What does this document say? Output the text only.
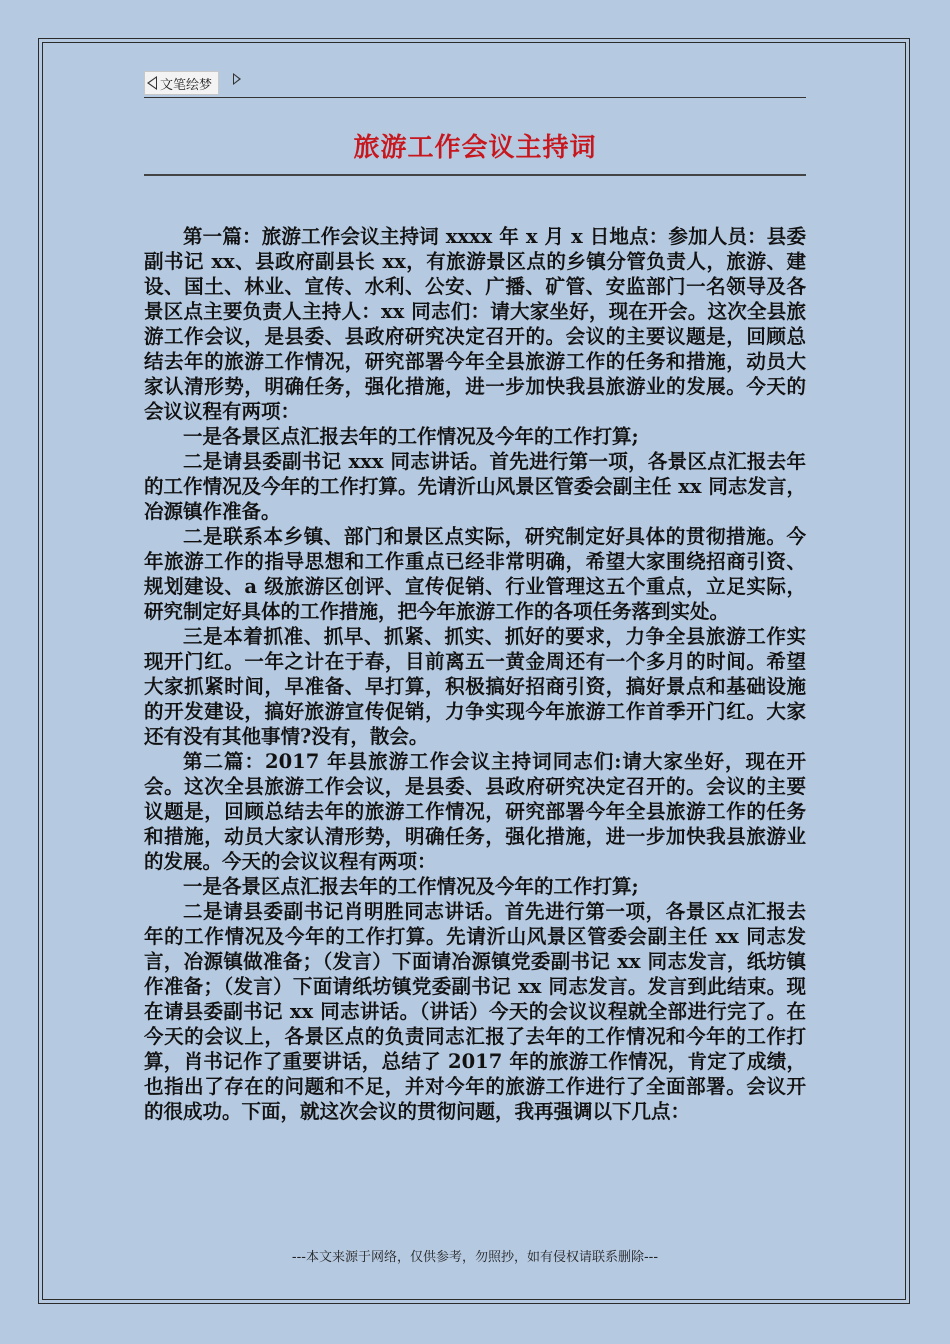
文笔绘梦
旅游工作会议主持词

第一篇：旅游工作会议主持词 xxxx 年 x 月 x 日地点：参加人员：县委副书记 xx、县政府副县长 xx，有旅游景区点的乡镇分管负责人，旅游、建设、国土、林业、宣传、水利、公安、广播、矿管、安监部门一名领导及各景区点主要负责人主持人：xx 同志们：请大家坐好，现在开会。这次全县旅游工作会议，是县委、县政府研究决定召开的。会议的主要议题是，回顾总结去年的旅游工作情况，研究部署今年全县旅游工作的任务和措施，动员大家认清形势，明确任务，强化措施，进一步加快我县旅游业的发展。今天的会议议程有两项：

一是各景区点汇报去年的工作情况及今年的工作打算;

二是请县委副书记 xxx 同志讲话。首先进行第一项，各景区点汇报去年的工作情况及今年的工作打算。先请沂山风景区管委会副主任 xx 同志发言，冶源镇作准备。

二是联系本乡镇、部门和景区点实际，研究制定好具体的贯彻措施。今年旅游工作的指导思想和工作重点已经非常明确，希望大家围绕招商引资、规划建设、a 级旅游区创评、宣传促销、行业管理这五个重点，立足实际，研究制定好具体的工作措施，把今年旅游工作的各项任务落到实处。

三是本着抓准、抓早、抓紧、抓实、抓好的要求，力争全县旅游工作实现开门红。一年之计在于春，目前离五一黄金周还有一个多月的时间。希望大家抓紧时间，早准备、早打算，积极搞好招商引资，搞好景点和基础设施的开发建设，搞好旅游宣传促销，力争实现今年旅游工作首季开门红。大家还有没有其他事情?没有，散会。

第二篇：2017 年县旅游工作会议主持词同志们:请大家坐好，现在开会。这次全县旅游工作会议，是县委、县政府研究决定召开的。会议的主要议题是，回顾总结去年的旅游工作情况，研究部署今年全县旅游工作的任务和措施，动员大家认清形势，明确任务，强化措施，进一步加快我县旅游业的发展。今天的会议议程有两项：

一是各景区点汇报去年的工作情况及今年的工作打算;

二是请县委副书记肖明胜同志讲话。首先进行第一项，各景区点汇报去年的工作情况及今年的工作打算。先请沂山风景区管委会副主任 xx 同志发言，冶源镇做准备；（发言）下面请冶源镇党委副书记 xx 同志发言，纸坊镇作准备；（发言）下面请纸坊镇党委副书记 xx 同志发言。发言到此结束。现在请县委副书记 xx 同志讲话。（讲话）今天的会议议程就全部进行完了。在今天的会议上，各景区点的负责同志汇报了去年的工作情况和今年的工作打算，肖书记作了重要讲话，总结了 2017 年的旅游工作情况，肯定了成绩，也指出了存在的问题和不足，并对今年的旅游工作进行了全面部署。会议开的很成功。下面，就这次会议的贯彻问题，我再强调以下几点：

---本文来源于网络，仅供参考，勿照抄，如有侵权请联系删除---
